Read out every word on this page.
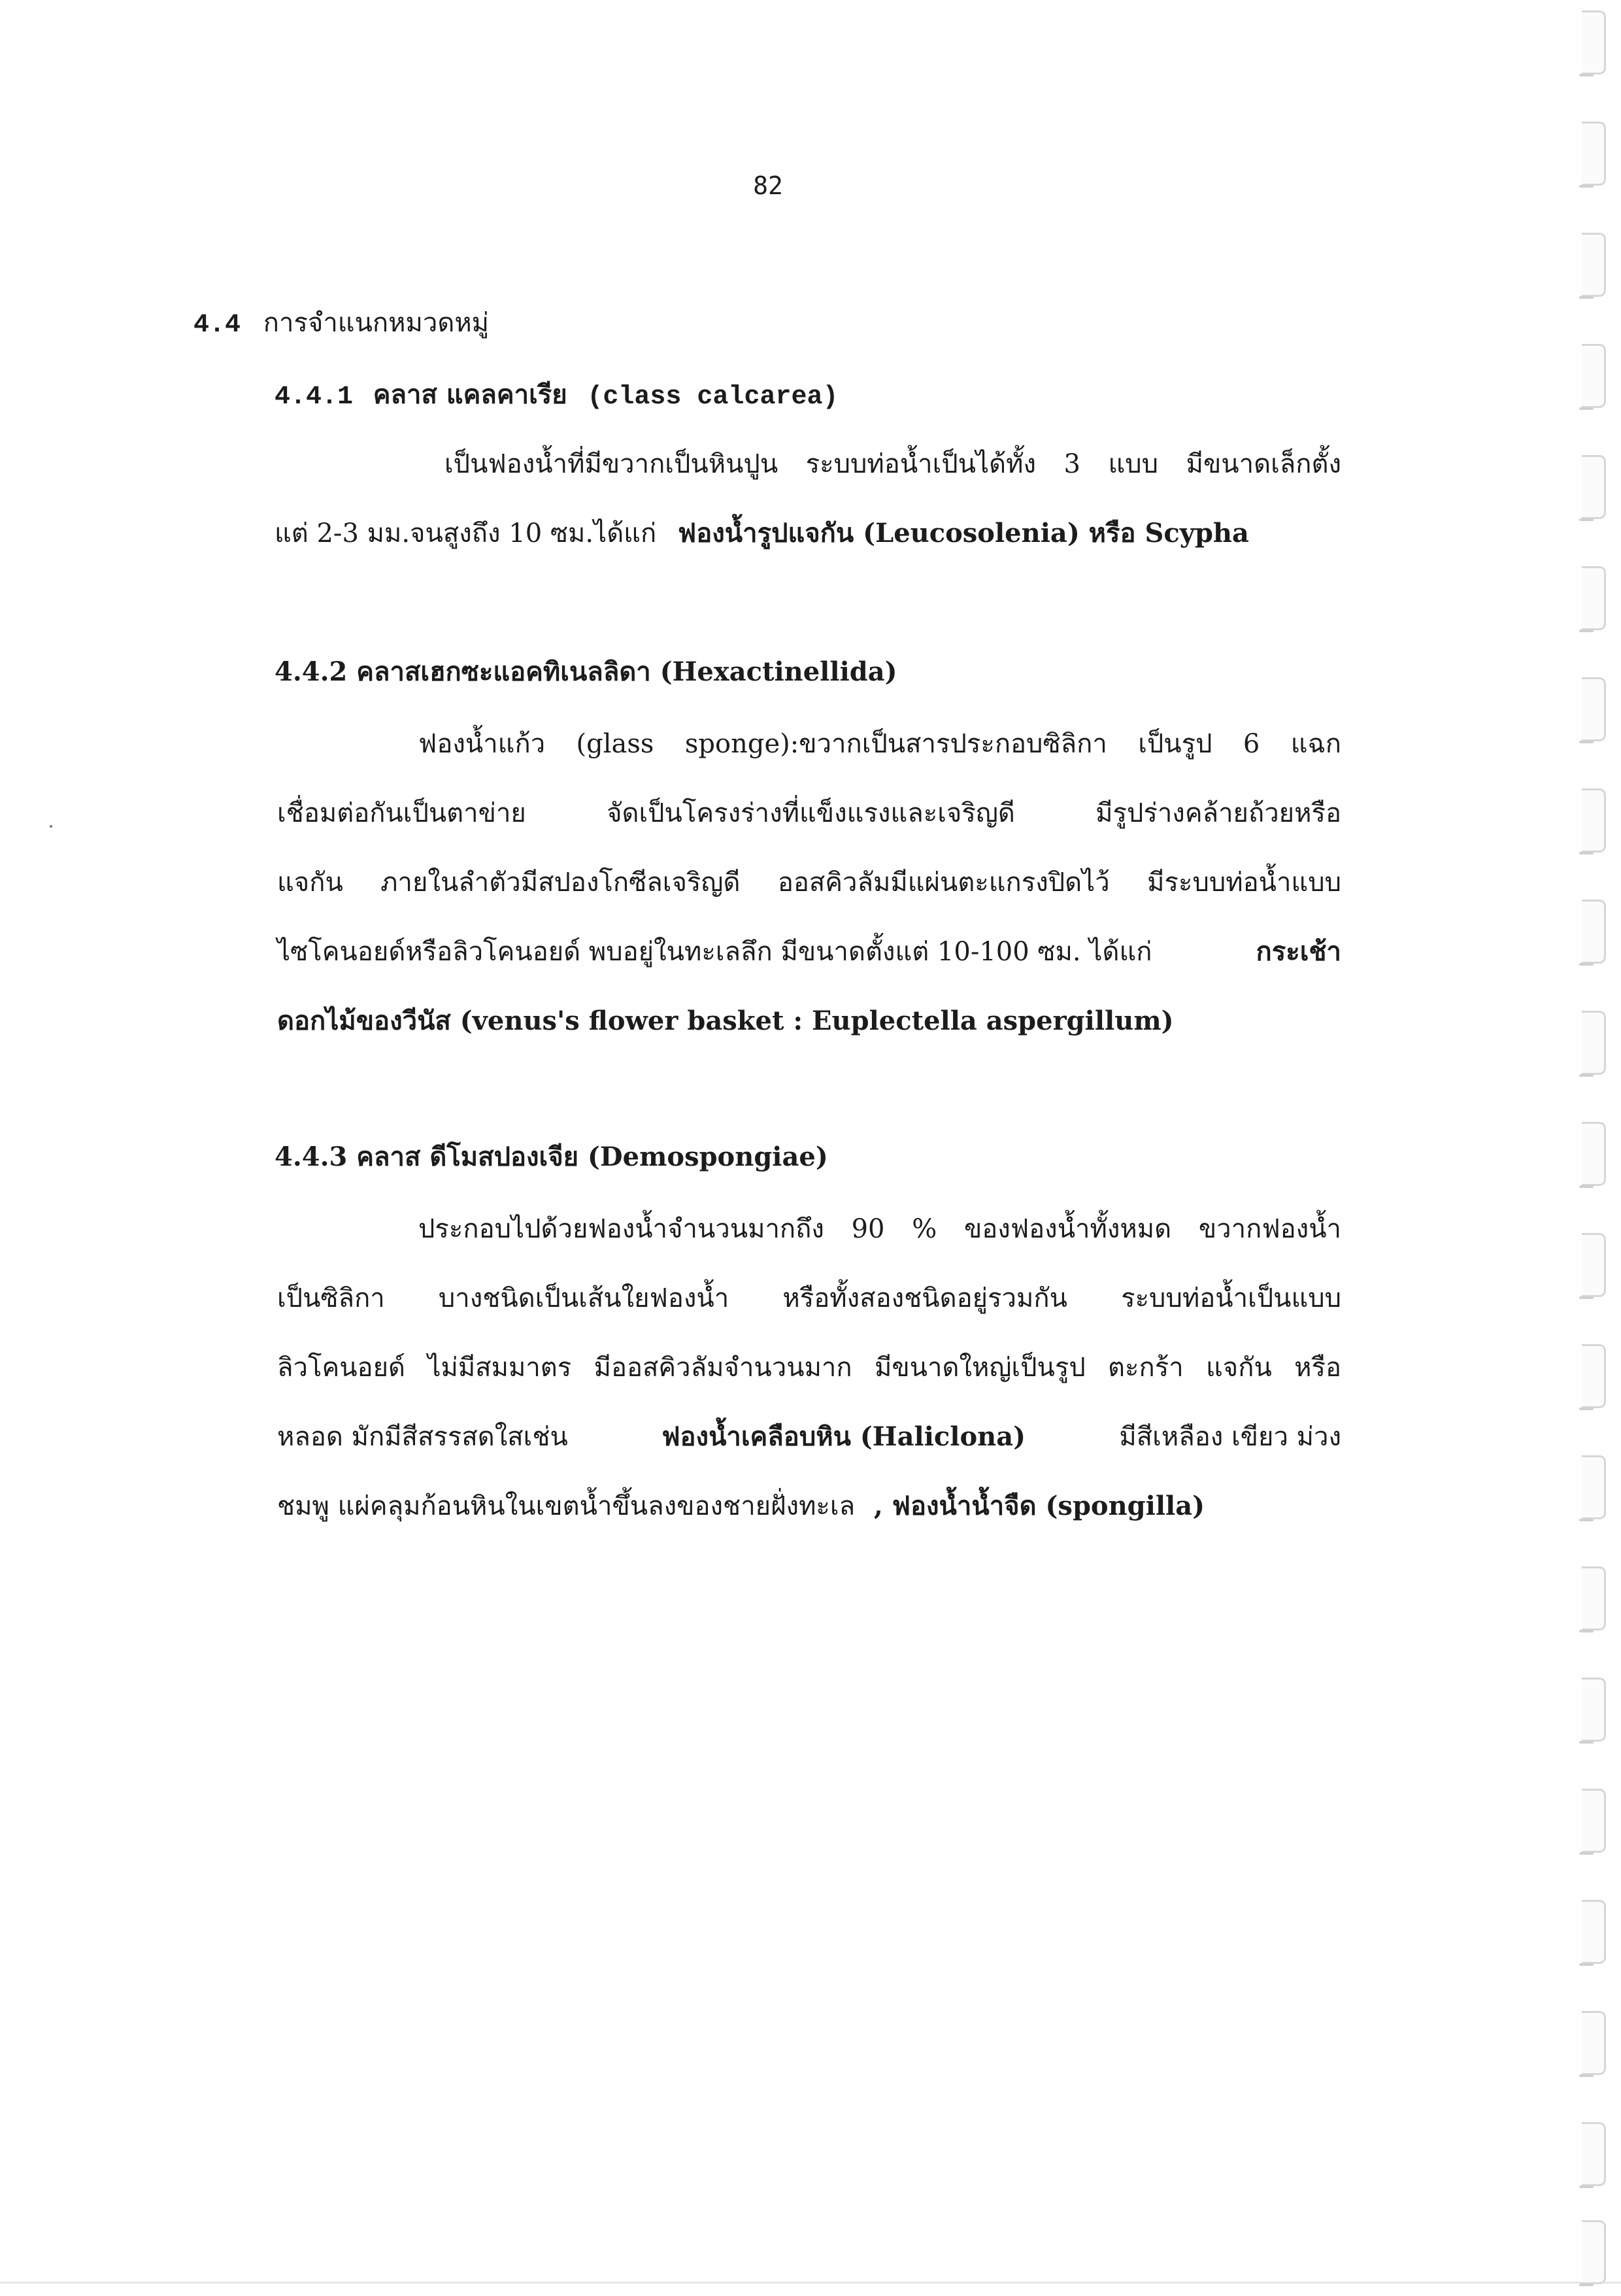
82
4.4 การจำแนกหมวดหมู่
4.4.1 คลาส แคลคาเรีย (class calcarea)
เป็นฟองน้ำที่มีขวากเป็นหินปูน ระบบท่อน้ำเป็นได้ทั้ง 3 แบบ มีขนาดเล็กตั้ง
แต่ 2-3 มม.จนสูงถึง 10 ซม.ได้แก่ ฟองน้ำรูปแจกัน (Leucosolenia) หรือ Scypha
4.4.2 คลาสเฮกซะแอคทิเนลลิดา (Hexactinellida)
ฟองน้ำแก้ว (glass sponge):ขวากเป็นสารประกอบซิลิกา เป็นรูป 6 แฉก
เชื่อมต่อกันเป็นตาข่าย จัดเป็นโครงร่างที่แข็งแรงและเจริญดี มีรูปร่างคล้ายถ้วยหรือ
แจกัน ภายในลำตัวมีสปองโกซีลเจริญดี ออสคิวลัมมีแผ่นตะแกรงปิดไว้ มีระบบท่อน้ำแบบ
ไซโคนอยด์หรือลิวโคนอยด์ พบอยู่ในทะเลลึก มีขนาดตั้งแต่ 10-100 ซม. ได้แก่	กระเช้า
ดอกไม้ของวีนัส (venus's flower basket : Euplectella aspergillum)
4.4.3 คลาส ดีโมสปองเจีย (Demospongiae)
ประกอบไปด้วยฟองน้ำจำนวนมากถึง 90 % ของฟองน้ำทั้งหมด ขวากฟองน้ำ
เป็นซิลิกา บางชนิดเป็นเส้นใยฟองน้ำ หรือทั้งสองชนิดอยู่รวมกัน ระบบท่อน้ำเป็นแบบ
ลิวโคนอยด์ ไม่มีสมมาตร มีออสคิวลัมจำนวนมาก มีขนาดใหญ่เป็นรูป ตะกร้า แจกัน หรือ
หลอด มักมีสีสรรสดใสเช่น	ฟองน้ำเคลือบหิน (Haliclona)	มีสีเหลือง เขียว ม่วง
ชมพู แผ่คลุมก้อนหินในเขตน้ำขึ้นลงของชายฝั่งทะเล , ฟองน้ำน้ำจืด (spongilla)
